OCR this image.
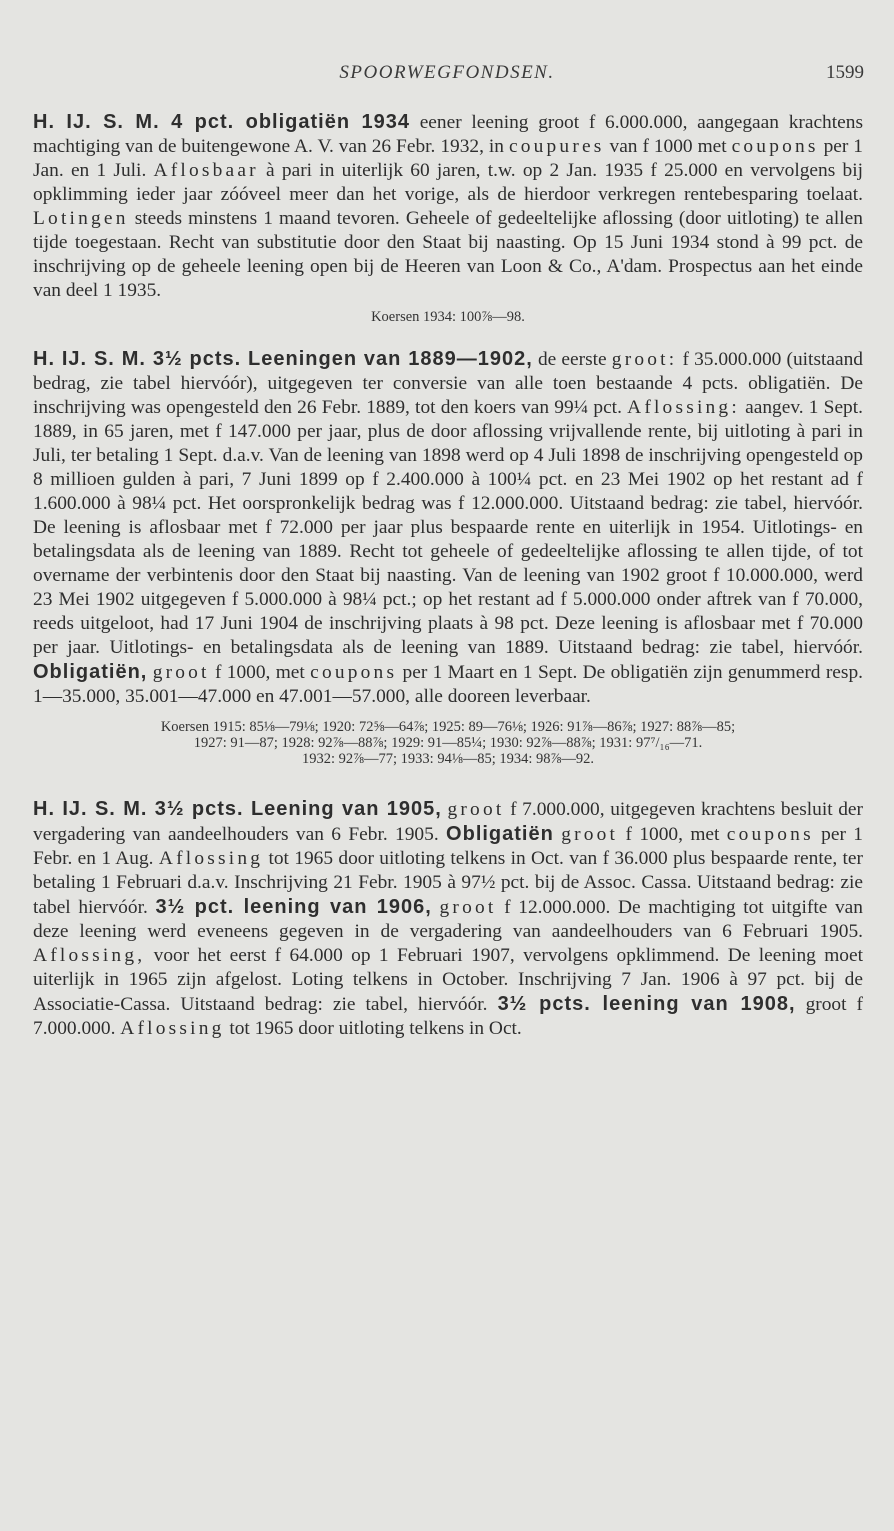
SPOORWEGFONDSEN.	1599

H. IJ. S. M. 4 pct. obligatiën 1934 eener leening groot f 6.000.000, aangegaan krachtens machtiging van de buitengewone A. V. van 26 Febr. 1932, in coupures van f 1000 met coupons per 1 Jan. en 1 Juli. Aflosbaar à pari in uiterlijk 60 jaren, t.w. op 2 Jan. 1935 f 25.000 en vervolgens bij opklimming ieder jaar zóóveel meer dan het vorige, als de hierdoor verkregen rentebesparing toelaat. Lotingen steeds minstens 1 maand tevoren. Geheele of gedeeltelijke aflossing (door uitloting) te allen tijde toegestaan. Recht van substitutie door den Staat bij naasting. Op 15 Juni 1934 stond à 99 pct. de inschrijving op de geheele leening open bij de Heeren van Loon & Co., A'dam. Prospectus aan het einde van deel 1 1935.

Koersen 1934: 100⅞—98.

H. IJ. S. M. 3½ pcts. Leeningen van 1889—1902, de eerste groot: f 35.000.000 (uitstaand bedrag, zie tabel hiervóór), uitgegeven ter conversie van alle toen bestaande 4 pcts. obligatiën. De inschrijving was opengesteld den 26 Febr. 1889, tot den koers van 99¼ pct. Aflossing: aangev. 1 Sept. 1889, in 65 jaren, met f 147.000 per jaar, plus de door aflossing vrijvallende rente, bij uitloting à pari in Juli, ter betaling 1 Sept. d.a.v. Van de leening van 1898 werd op 4 Juli 1898 de inschrijving opengesteld op 8 millioen gulden à pari, 7 Juni 1899 op f 2.400.000 à 100¼ pct. en 23 Mei 1902 op het restant ad f 1.600.000 à 98¼ pct. Het oorspronkelijk bedrag was f 12.000.000. Uitstaand bedrag: zie tabel, hiervóór. De leening is aflosbaar met f 72.000 per jaar plus bespaarde rente en uiterlijk in 1954. Uitlotings- en betalingsdata als de leening van 1889. Recht tot geheele of gedeeltelijke aflossing te allen tijde, of tot overname der verbintenis door den Staat bij naasting. Van de leening van 1902 groot f 10.000.000, werd 23 Mei 1902 uitgegeven f 5.000.000 à 98¼ pct.; op het restant ad f 5.000.000 onder aftrek van f 70.000, reeds uitgeloot, had 17 Juni 1904 de inschrijving plaats à 98 pct. Deze leening is aflosbaar met f 70.000 per jaar. Uitlotings- en betalingsdata als de leening van 1889. Uitstaand bedrag: zie tabel, hiervóór. Obligatiën, groot f 1000, met coupons per 1 Maart en 1 Sept. De obligatiën zijn genummerd resp. 1—35.000, 35.001—47.000 en 47.001—57.000, alle dooreen leverbaar.

Koersen 1915: 85⅛—79⅛; 1920: 72⅝—64⅞; 1925: 89—76⅛; 1926: 91⅞—86⅞; 1927: 88⅞—85;
1927: 91—87; 1928: 92⅞—88⅞; 1929: 91—85¼; 1930: 92⅞—88⅞; 1931: 97⁷/₁₆—71.
1932: 92⅞—77; 1933: 94⅛—85; 1934: 98⅞—92.

H. IJ. S. M. 3½ pcts. Leening van 1905, groot f 7.000.000, uitgegeven krachtens besluit der vergadering van aandeelhouders van 6 Febr. 1905. Obligatiën groot f 1000, met coupons per 1 Febr. en 1 Aug. Aflossing tot 1965 door uitloting telkens in Oct. van f 36.000 plus bespaarde rente, ter betaling 1 Februari d.a.v. Inschrijving 21 Febr. 1905 à 97½ pct. bij de Assoc. Cassa. Uitstaand bedrag: zie tabel hiervóór. 3½ pct. leening van 1906, groot f 12.000.000. De machtiging tot uitgifte van deze leening werd eveneens gegeven in de vergadering van aandeelhouders van 6 Februari 1905. Aflossing, voor het eerst f 64.000 op 1 Februari 1907, vervolgens opklimmend. De leening moet uiterlijk in 1965 zijn afgelost. Loting telkens in October. Inschrijving 7 Jan. 1906 à 97 pct. bij de Associatie-Cassa. Uitstaand bedrag: zie tabel, hiervóór. 3½ pcts. leening van 1908, groot f 7.000.000. Aflossing tot 1965 door uitloting telkens in Oct.
